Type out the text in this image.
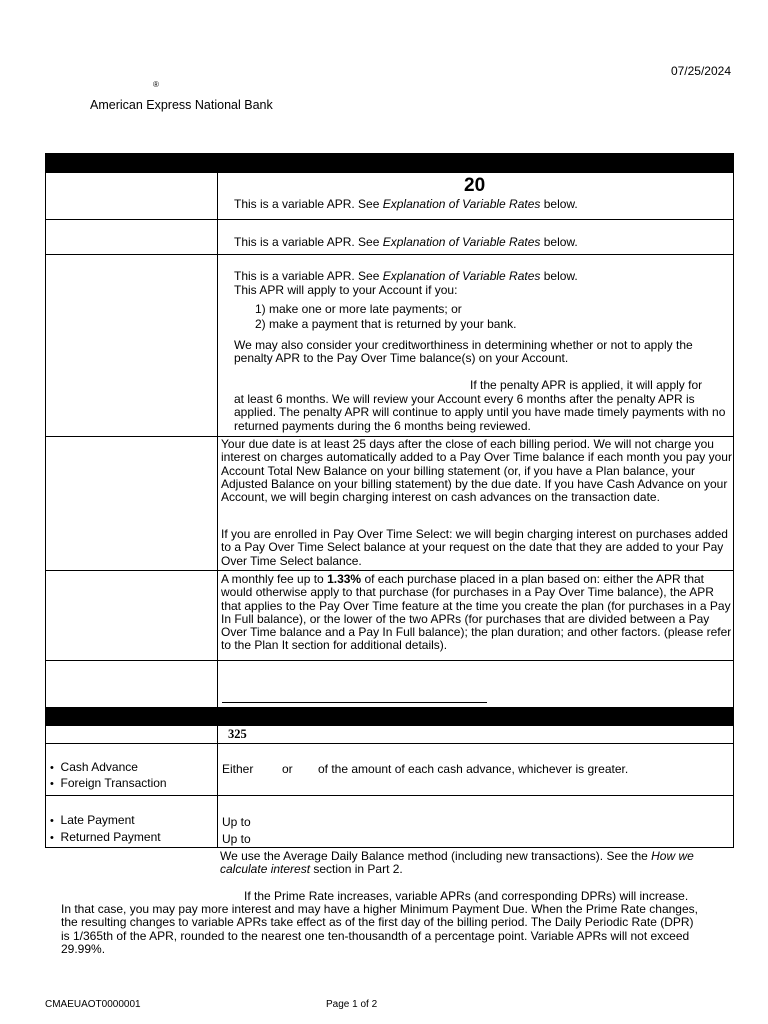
07/25/2024
®
American Express National Bank
20
This is a variable APR. See Explanation of Variable Rates below.
This is a variable APR. See Explanation of Variable Rates below.
This is a variable APR. See Explanation of Variable Rates below.
This APR will apply to your Account if you:
1) make one or more late payments; or
2) make a payment that is returned by your bank.
We may also consider your creditworthiness in determining whether or not to apply the penalty APR to the Pay Over Time balance(s) on your Account.
If the penalty APR is applied, it will apply for
at least 6 months. We will review your Account every 6 months after the penalty APR is applied. The penalty APR will continue to apply until you have made timely payments with no returned payments during the 6 months being reviewed.
Your due date is at least 25 days after the close of each billing period. We will not charge you interest on charges automatically added to a Pay Over Time balance if each month you pay your Account Total New Balance on your billing statement (or, if you have a Plan balance, your Adjusted Balance on your billing statement) by the due date. If you have Cash Advance on your Account, we will begin charging interest on cash advances on the transaction date.
If you are enrolled in Pay Over Time Select: we will begin charging interest on purchases added to a Pay Over Time Select balance at your request on the date that they are added to your Pay Over Time Select balance.
A monthly fee up to 1.33% of each purchase placed in a plan based on: either the APR that would otherwise apply to that purchase (for purchases in a Pay Over Time balance), the APR that applies to the Pay Over Time feature at the time you create the plan (for purchases in a Pay In Full balance), or the lower of the two APRs (for purchases that are divided between a Pay Over Time balance and a Pay In Full balance); the plan duration; and other factors. (please refer to the Plan It section for additional details).
325
• Cash Advance
• Foreign Transaction
Either or of the amount of each cash advance, whichever is greater.
• Late Payment
• Returned Payment
Up to
Up to
We use the Average Daily Balance method (including new transactions). See the How we calculate interest section in Part 2.
If the Prime Rate increases, variable APRs (and corresponding DPRs) will increase.
In that case, you may pay more interest and may have a higher Minimum Payment Due. When the Prime Rate changes, the resulting changes to variable APRs take effect as of the first day of the billing period. The Daily Periodic Rate (DPR) is 1/365th of the APR, rounded to the nearest one ten-thousandth of a percentage point. Variable APRs will not exceed 29.99%.
CMAEUAOT0000001	Page 1 of 2
